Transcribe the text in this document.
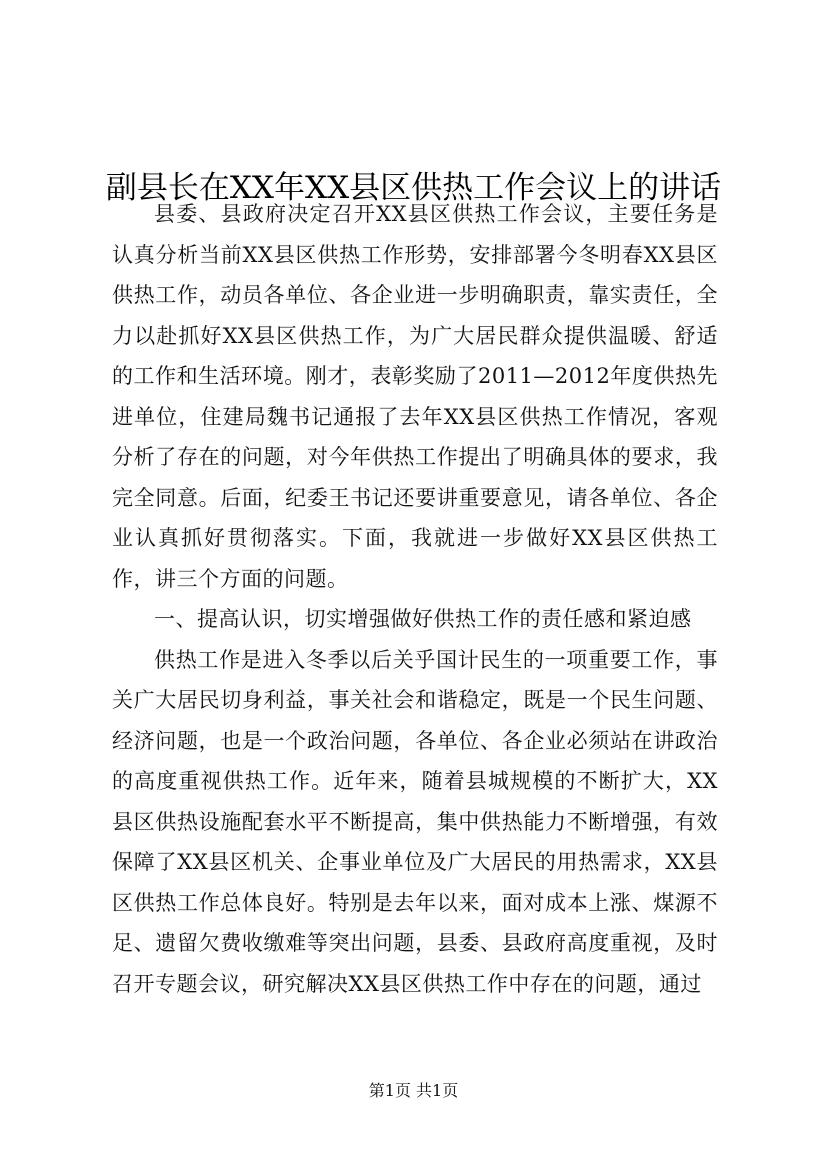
副县长在XX年XX县区供热工作会议上的讲话

县委、县政府决定召开XX县区供热工作会议，主要任务是认真分析当前XX县区供热工作形势，安排部署今冬明春XX县区供热工作，动员各单位、各企业进一步明确职责，靠实责任，全力以赴抓好XX县区供热工作，为广大居民群众提供温暖、舒适的工作和生活环境。刚才，表彰奖励了2011—2012年度供热先进单位，住建局魏书记通报了去年XX县区供热工作情况，客观分析了存在的问题，对今年供热工作提出了明确具体的要求，我完全同意。后面，纪委王书记还要讲重要意见，请各单位、各企业认真抓好贯彻落实。下面，我就进一步做好XX县区供热工作，讲三个方面的问题。

一、提高认识，切实增强做好供热工作的责任感和紧迫感

供热工作是进入冬季以后关乎国计民生的一项重要工作，事关广大居民切身利益，事关社会和谐稳定，既是一个民生问题、经济问题，也是一个政治问题，各单位、各企业必须站在讲政治的高度重视供热工作。近年来，随着县城规模的不断扩大，XX县区供热设施配套水平不断提高，集中供热能力不断增强，有效保障了XX县区机关、企事业单位及广大居民的用热需求，XX县区供热工作总体良好。特别是去年以来，面对成本上涨、煤源不足、遗留欠费收缴难等突出问题，县委、县政府高度重视，及时召开专题会议，研究解决XX县区供热工作中存在的问题，通过

第1页 共1页
